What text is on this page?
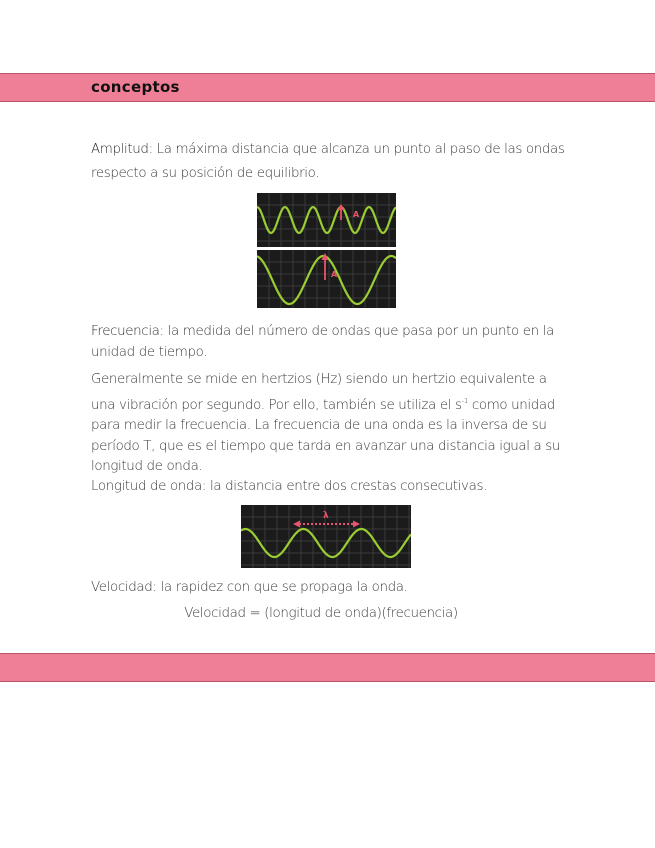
conceptos
Amplitud: La máxima distancia que alcanza un punto al paso de las ondas respecto a su posición de equilibrio.
A
A
Frecuencia: la medida del número de ondas que pasa por un punto en la unidad de tiempo.
Generalmente se mide en hertzios (Hz) siendo un hertzio equivalente a una vibración por segundo. Por ello, también se utiliza el $s^{-1}$ como unidad para medir la frecuencia. La frecuencia de una onda es la inversa de su período T, que es el tiempo que tarda en avanzar una distancia igual a su longitud de onda.
Longitud de onda: la distancia entre dos crestas consecutivas.
λ
Velocidad: la rapidez con que se propaga la onda.
Velocidad = (longitud de onda)(frecuencia)
